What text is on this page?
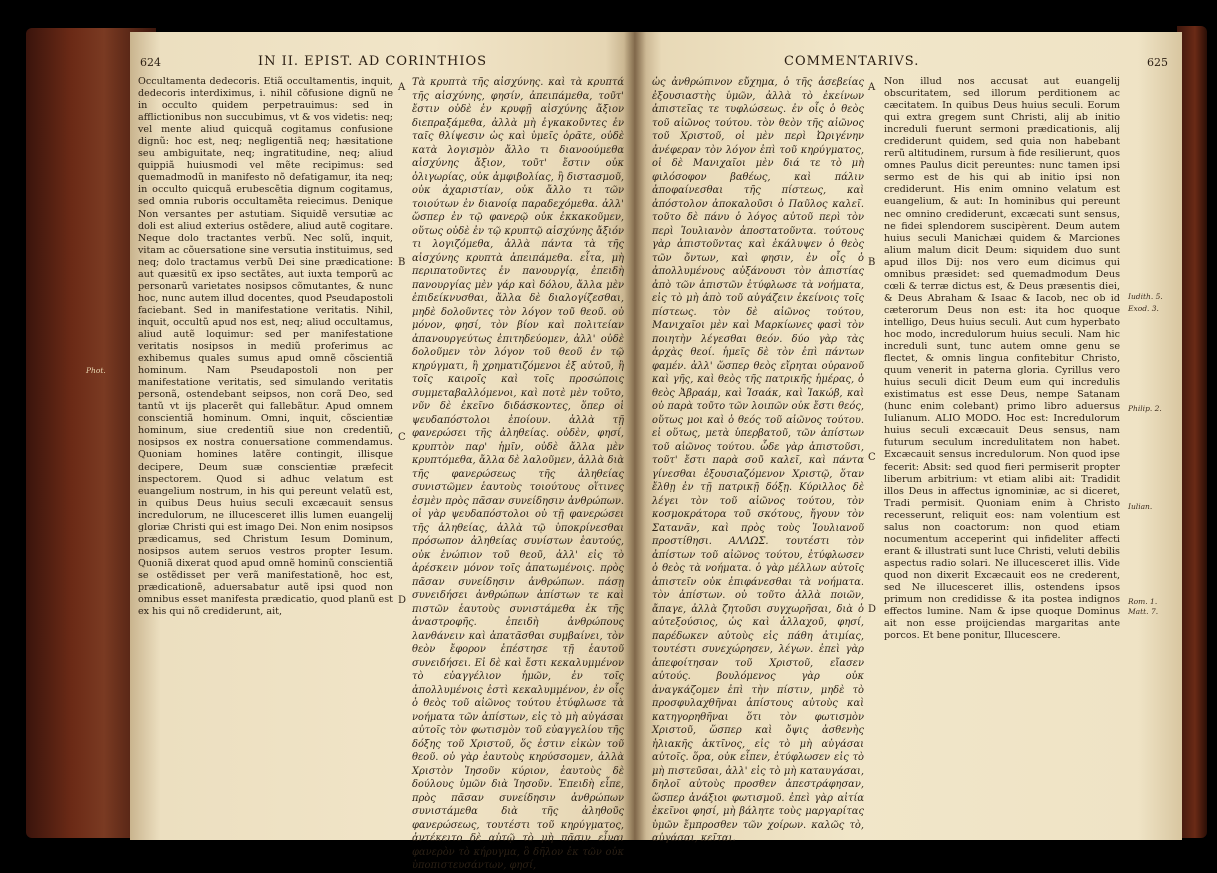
624	IN II. EPIST. AD CORINTHIOS

Occultamenta dedecoris. Etiã occultamentis, inquit, dedecoris interdiximus, i. nihil cõfusione dignũ ne in occulto quidem perpetrauimus: sed in afflictionibus non succubimus, vt & vos videtis: neq; vel mente aliud quicquã cogitamus confusione dignũ: hoc est, neq; negligentiã neq; hæsitatione seu ambiguitate, neq; ingratitudine, neq; aliud quippiã huiusmodi vel mẽte recipimus: sed quemadmodũ in manifesto nõ defatigamur, ita neq; in occulto quicquã erubescẽtia dignum cogitamus, sed omnia ruboris occultamẽta reiecimus. Denique Non versantes per astutiam. Siquidẽ versutiæ ac doli est aliud exterius ostẽdere, aliud autẽ cogitare. Neque dolo tractantes verbũ. Nec solũ, inquit, vitam ac cõuersatione sine versutia instituimus, sed neq; dolo tractamus verbũ Dei sine prædicatione: aut quæsitũ ex ipso sectãtes, aut iuxta temporũ ac personarũ varietates nosipsos cõmutantes, & nunc hoc, nunc autem illud docentes, quod Pseudapostoli faciebant. Sed in manifestatione veritatis. Nihil, inquit, occultũ apud nos est, neq; aliud occultamus, aliud autẽ loquimur: sed per manifestatione veritatis nosipsos in mediũ proferimus ac exhibemus quales sumus apud omnẽ cõscientiã hominum. Nam Pseudapostoli non per manifestatione veritatis, sed simulando veritatis personã, ostendebant seipsos, non corã Deo, sed tantũ vt ijs placerẽt qui fallebãtur. Apud omnem conscientiã hominum. Omni, inquit, cõscientiæ hominum, siue credentiũ siue non credentiũ, nosipsos ex nostra conuersatione commendamus. Quoniam homines latẽre contingit, illisque decipere, Deum suæ conscientiæ præfecit inspectorem. Quod si adhuc velatum est euangelium nostrum, in his qui pereunt velatũ est, in quibus Deus huius seculi excæcauit sensus incredulorum, ne illucesceret illis lumen euangelij gloriæ Christi qui est imago Dei. Non enim nosipsos prædicamus, sed Christum Iesum Dominum, nosipsos autem seruos vestros propter Iesum. Quoniã dixerat quod apud omnẽ hominũ conscientiã se ostẽdisset per verã manifestationẽ, hoc est, prædicationẽ, aduersabatur autẽ ipsi quod non omnibus esset manifesta prædicatio, quod planũ est ex his qui nõ crediderunt, ait,

A
B
C
D

Τὰ κρυπτὰ τῆς αἰσχύνης. καὶ τὰ κρυπτά τῆς αἰσχύνης, φησίν, ἀπειπάμεθα, τοῦτ' ἔστιν οὐδὲ ἐν κρυφῇ αἰσχύνης ἄξιον διεπραξάμεθα, ἀλλὰ μὴ ἐγκακοῦντες ἐν ταῖς θλίψεσιν ὡς καὶ ὑμεῖς ὁρᾶτε, οὐδὲ κατὰ λογισμὸν ἄλλο τι διανοούμεθα αἰσχύνης ἄξιον, τοῦτ' ἔστιν οὐκ ὀλιγωρίας, οὐκ ἀμφιβολίας, ἢ διστασμοῦ, οὐκ ἀχαριστίαν, οὐκ ἄλλο τι τῶν τοιούτων ἐν διανοίᾳ παραδεχόμεθα. ἀλλ' ὥσπερ ἐν τῷ φανερῷ οὐκ ἐκκακοῦμεν, οὕτως οὐδὲ ἐν τῷ κρυπτῷ αἰσχύνης ἄξιόν τι λογιζόμεθα, ἀλλὰ πάντα τὰ τῆς αἰσχύνης κρυπτὰ ἀπειπάμεθα. εἶτα, μὴ περιπατοῦντες ἐν πανουργίᾳ, ἐπειδὴ πανουργίας μὲν γάρ καὶ δόλου, ἄλλα μὲν ἐπιδείκνυσθαι, ἄλλα δὲ διαλογίζεσθαι, μηδὲ δολοῦντες τὸν λόγον τοῦ θεοῦ. οὐ μόνον, φησί, τὸν βίον καὶ πολιτείαν ἀπανουργεύτως ἐπιτηδεύομεν, ἀλλ' οὐδὲ δολοῦμεν τὸν λόγον τοῦ θεοῦ ἐν τῷ κηρύγματι, ἢ χρηματιζόμενοι ἐξ αὐτοῦ, ἢ τοῖς καιροῖς καὶ τοῖς προσώποις συμμεταβαλλόμενοι, καὶ ποτὲ μὲν τοῦτο, νῦν δὲ ἐκεῖνο διδάσκοντες, ὅπερ οἱ ψευδαπόστολοι ἐποίουν. ἀλλὰ τῇ φανερώσει τῆς ἀληθείας. οὐδὲν, φησί, κρυπτὸν παρ' ἡμῖν, οὐδὲ ἄλλα μὲν κρυπτόμεθα, ἄλλα δὲ λαλοῦμεν, ἀλλὰ διὰ τῆς φανερώσεως τῆς ἀληθείας συνιστῶμεν ἑαυτοὺς τοιούτους οἵτινες ἐσμὲν πρὸς πᾶσαν συνείδησιν ἀνθρώπων. οἱ γὰρ ψευδαπόστολοι οὐ τῇ φανερώσει τῆς ἀληθείας, ἀλλὰ τῷ ὑποκρίνεσθαι πρόσωπον ἀληθείας συνίστων ἑαυτούς, οὐκ ἐνώπιον τοῦ θεοῦ, ἀλλ' εἰς τὸ ἀρέσκειν μόνον τοῖς ἀπατωμένοις. πρὸς πᾶσαν συνείδησιν ἀνθρώπων. πάσῃ συνειδήσει ἀνθρώπων ἀπίστων τε καὶ πιστῶν ἑαυτοὺς συνιστάμεθα ἐκ τῆς ἀναστροφῆς. ἐπειδὴ ἀνθρώπους λανθάνειν καὶ ἀπατᾶσθαι συμβαίνει, τὸν θεὸν ἔφορον ἐπέστησε τῇ ἑαυτοῦ συνειδήσει. Εἰ δὲ καὶ ἔστι κεκαλυμμένον τὸ εὐαγγέλιον ἡμῶν, ἐν τοῖς ἀπολλυμένοις ἐστὶ κεκαλυμμένον, ἐν οἷς ὁ θεὸς τοῦ αἰῶνος τούτου ἐτύφλωσε τὰ νοήματα τῶν ἀπίστων, εἰς τὸ μὴ αὐγάσαι αὐτοῖς τὸν φωτισμὸν τοῦ εὐαγγελίου τῆς δόξης τοῦ Χριστοῦ, ὅς ἐστιν εἰκὼν τοῦ θεοῦ. οὐ γὰρ ἑαυτοὺς κηρύσσομεν, ἀλλὰ Χριστὸν Ἰησοῦν κύριον, ἑαυτοὺς δὲ δούλους ὑμῶν διὰ Ἰησοῦν. Ἐπειδὴ εἶπε, πρὸς πᾶσαν συνείδησιν ἀνθρώπων συνιστάμεθα διὰ τῆς ἀληθοῦς φανερώσεως, τουτέστι τοῦ κηρύγματος, ἀντέκειτο δὲ αὐτῷ τὸ μὴ πᾶσιν εἶναι φανερὸν τὸ κήρυγμα, ὃ δῆλον ἐκ τῶν οὐκ ὑποπιστευσάντων, φησί,

Phot.
COMMENTARIVS.	625

ὡς ἀνθρώπινον εὔχημα, ὁ τῆς ἀσεβείας ἐξουσιαστὴς ὑμῶν, ἀλλὰ τὸ ἐκείνων ἀπιστεῖας τε τυφλώσεως. ἐν οἷς ὁ θεὸς τοῦ αἰῶνος τούτου. τὸν θεὸν τῆς αἰῶνος τοῦ Χριστοῦ, οἱ μὲν περὶ Ὠριγένην ἀνέφεραν τὸν λόγον ἐπὶ τοῦ κηρύγματος, οἱ δὲ Μανιχαῖοι μὲν διά τε τὸ μὴ φιλόσοφον βαθέως, καὶ πάλιν ἀποφαίνεσθαι τῆς πίστεως, καὶ ἀπόστολον ἀποκαλοῦσι ὁ Παῦλος καλεῖ. τοῦτο δὲ πάνυ ὁ λόγος αὐτοῦ περὶ τὸν περὶ Ἰουλιανὸν ἀποστατοῦντα. τούτους γὰρ ἀπιστοῦντας καὶ ἐκάλυψεν ὁ θεὸς τῶν ὄντων, καὶ φησιν, ἐν οἷς ὁ ἀπολλυμένους αὐξάνουσι τὸν ἀπιστίας ἀπὸ τῶν ἀπιστῶν ἐτύφλωσε τὰ νοήματα, εἰς τὸ μὴ ἀπὸ τοῦ αὐγάζειν ἐκείνοις τοῖς πίστεως. τὸν δὲ αἰῶνος τούτου, Μανιχαῖοι μὲν καὶ Μαρκίωνες φασὶ τὸν ποιητὴν λέγεσθαι θεόν. δύο γὰρ τὰς ἀρχὰς θεοί. ἡμεῖς δὲ τὸν ἐπὶ πάντων φαμέν. ἀλλ' ὥσπερ θεὸς εἴρηται οὐρανοῦ καὶ γῆς, καὶ θεὸς τῆς πατρικῆς ἡμέρας, ὁ θεὸς Ἀβραάμ, καὶ Ἰσαάκ, καὶ Ἰακώβ, καὶ οὐ παρὰ τοῦτο τῶν λοιπῶν οὐκ ἔστι θεός, οὕτως μοι καὶ ὁ θεός τοῦ αἰῶνος τούτου. εἰ οὕτως, μετὰ ὑπερβατοῦ, τῶν ἀπίστων τοῦ αἰῶνος τούτου. ὧδε γὰρ ἀπιστοῦσι, τοῦτ' ἔστι παρὰ σοῦ καλεῖ, καὶ πάντα γίνεσθαι ἐξουσιαζόμενον Χριστῷ, ὅταν ἔλθῃ ἐν τῇ πατρικῇ δόξῃ. Κύριλλος δὲ λέγει τὸν τοῦ αἰῶνος τούτου, τὸν κοσμοκράτορα τοῦ σκότους, ἤγουν τὸν Σατανᾶν, καὶ πρὸς τοὺς Ἰουλιανοῦ προστίθησι. ΑΛΛΩΣ. τουτέστι τὸν ἀπίστων τοῦ αἰῶνος τούτου, ἐτύφλωσεν ὁ θεὸς τὰ νοήματα. ὁ γὰρ μέλλων αὐτοῖς ἀπιστεῖν οὐκ ἐπιφάνεσθαι τὰ νοήματα. τὸν ἀπίστων. οὐ τοῦτο ἀλλὰ ποιῶν, ἄπαγε, ἀλλὰ ζητοῦσι συγχωρῆσαι, διὰ ὁ αὐτεξούσιος, ὡς καὶ ἀλλαχοῦ, φησί, παρέδωκεν αὐτοὺς εἰς πάθη ἀτιμίας, τουτέστι συνεχώρησεν, λέγων. ἐπεὶ γὰρ ἀπεφοίτησαν τοῦ Χριστοῦ, εἴασεν αὐτούς. βουλόμενος γὰρ οὐκ ἀναγκάζομεν ἐπὶ τὴν πίστιν, μηδὲ τὸ προσφυλαχθῆναι ἀπίστους αὐτοὺς καὶ κατηγορηθῆναι ὅτι τὸν φωτισμὸν Χριστοῦ, ὥσπερ καὶ ὄψις ἀσθενὴς ἡλιακῆς ἀκτῖνος, εἰς τὸ μὴ αὐγάσαι αὐτοῖς. ὅρα, οὐκ εἶπεν, ἐτύφλωσεν εἰς τὸ μὴ πιστεῦσαι, ἀλλ' εἰς τὸ μὴ καταυγάσαι, δηλοῖ αὐτοὺς προσθεν ἀπεστράφησαν, ὥσπερ ἀνάξιοι φωτισμοῦ. ἐπεὶ γὰρ αἰτία ἐκεῖνοι φησί, μὴ βάλητε τοὺς μαργαρίτας ὑμῶν ἔμπροσθεν τῶν χοίρων. καλῶς τὸ, αὐγάσαι, κεῖται.

A
B
C
D

Non illud nos accusat aut euangelij obscuritatem, sed illorum perditionem ac cæcitatem. In quibus Deus huius seculi. Eorum qui extra gregem sunt Christi, alij ab initio increduli fuerunt sermoni prædicationis, alij crediderunt quidem, sed quia non habebant rerũ altitudinem, rursum à fide resilierunt, quos omnes Paulus dicit pereuntes: nunc tamen ipsi sermo est de his qui ab initio ipsi non crediderunt. His enim omnino velatum est euangelium, & aut: In hominibus qui pereunt nec omnino crediderunt, excæcati sunt sensus, ne fidei splendorem suscipèrent. Deum autem huius seculi Manichæi quidem & Marciones alium malum dicit Deum: siquidem duo sunt apud illos Dij: nos vero eum dicimus qui omnibus præsidet: sed quemadmodum Deus cœli & terræ dictus est, & Deus præsentis diei, & Deus Abraham & Isaac & Iacob, nec ob id cæterorum Deus non est: ita hoc quoque intelligo, Deus huius seculi. Aut cum hyperbato hoc modo, incredulorum huius seculi. Nam hic increduli sunt, tunc autem omne genu se flectet, & omnis lingua confitebitur Christo, quum venerit in paterna gloria. Cyrillus vero huius seculi dicit Deum eum qui incredulis existimatus est esse Deus, nempe Satanam (hunc enim colebant) primo libro aduersus Iulianum. ALIO MODO. Hoc est: Incredulorum huius seculi excæcauit Deus sensus, nam futurum seculum incredulitatem non habet. Excæcauit sensus incredulorum. Non quod ipse fecerit: Absit: sed quod fieri permiserit propter liberum arbitrium: vt etiam alibi ait: Tradidit illos Deus in affectus ignominiæ, ac si diceret, Tradi permisit. Quoniam enim à Christo recesserunt, reliquit eos: nam volentium est salus non coactorum: non quod etiam nocumentum acceperint qui infideliter affecti erant & illustrati sunt luce Christi, veluti debilis aspectus radio solari. Ne illucesceret illis. Vide quod non dixerit Excæcauit eos ne crederent, sed Ne illucesceret illis, ostendens ipsos primum non credidisse & ita postea indignos effectos lumine. Nam & ipse quoque Dominus ait non esse proijciendas margaritas ante porcos. Et bene ponitur, Illucescere.

Iudith. 5.
Exod. 3.
Philip. 2.
Iulian.
Rom. 1.
Matt. 7.
